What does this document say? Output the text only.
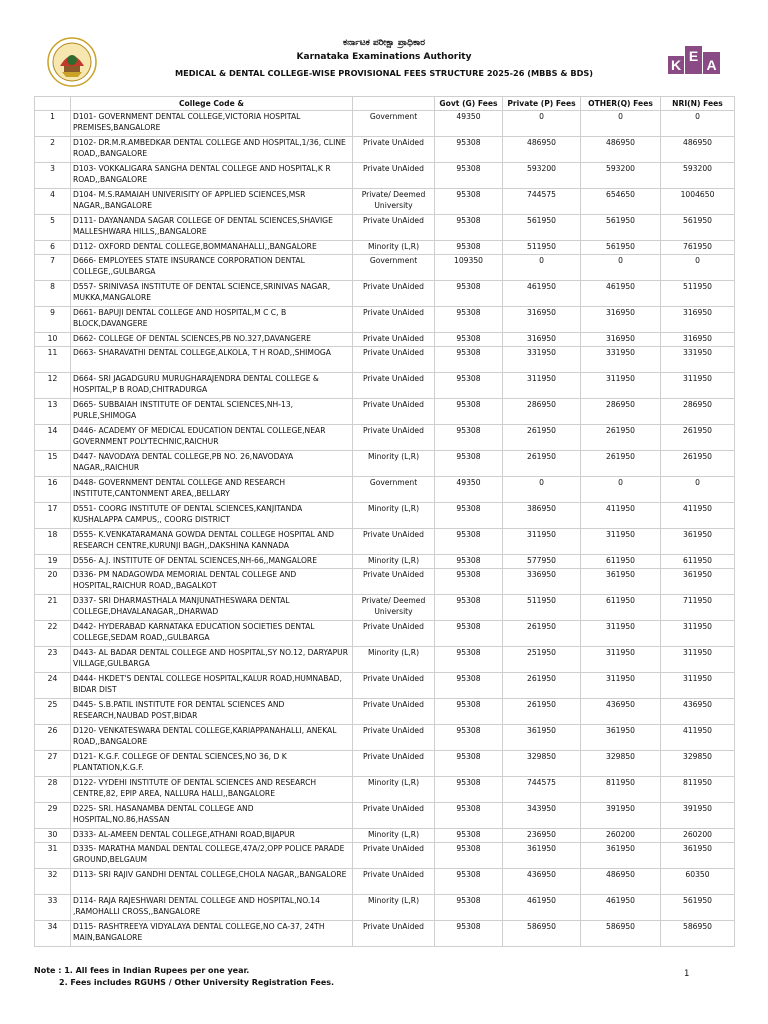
ಕರ್ನಾಟಕ ಪರೀಕ್ಷಾ ಪ್ರಾಧಿಕಾರ
Karnataka Examinations Authority
MEDICAL & DENTAL COLLEGE-WISE PROVISIONAL FEES STRUCTURE 2025-26 (MBBS & BDS)	K
E
A
	College Code &		Govt (G) Fees	Private (P) Fees	OTHER(Q) Fees	NRI(N) Fees
1	D101- GOVERNMENT DENTAL COLLEGE,VICTORIA HOSPITAL PREMISES,BANGALORE	Government	49350	0	0	0
2	D102- DR.M.R.AMBEDKAR DENTAL COLLEGE AND HOSPITAL,1/36, CLINE ROAD,,BANGALORE	Private UnAided	95308	486950	486950	486950
3	D103- VOKKALIGARA SANGHA DENTAL COLLEGE AND HOSPITAL,K R ROAD,,BANGALORE	Private UnAided	95308	593200	593200	593200
4	D104- M.S.RAMAIAH UNIVERISITY OF APPLIED SCIENCES,MSR NAGAR,,BANGALORE	Private/ Deemed University	95308	744575	654650	1004650
5	D111- DAYANANDA SAGAR COLLEGE OF DENTAL SCIENCES,SHAVIGE MALLESHWARA HILLS,,BANGALORE	Private UnAided	95308	561950	561950	561950
6	D112- OXFORD DENTAL COLLEGE,BOMMANAHALLI,,BANGALORE	Minority (L,R)	95308	511950	561950	761950
7	D666- EMPLOYEES STATE INSURANCE CORPORATION DENTAL COLLEGE,,GULBARGA	Government	109350	0	0	0
8	D557- SRINIVASA INSTITUTE OF DENTAL SCIENCE,SRINIVAS NAGAR, MUKKA,MANGALORE	Private UnAided	95308	461950	461950	511950
9	D661- BAPUJI DENTAL COLLEGE AND HOSPITAL,M C C, B BLOCK,DAVANGERE	Private UnAided	95308	316950	316950	316950
10	D662- COLLEGE OF DENTAL SCIENCES,PB NO.327,DAVANGERE	Private UnAided	95308	316950	316950	316950
11	D663- SHARAVATHI DENTAL COLLEGE,ALKOLA, T H ROAD,,SHIMOGA	Private UnAided	95308	331950	331950	331950
12	D664- SRI JAGADGURU MURUGHARAJENDRA DENTAL COLLEGE & HOSPITAL,P B ROAD,CHITRADURGA	Private UnAided	95308	311950	311950	311950
13	D665- SUBBAIAH INSTITUTE OF DENTAL SCIENCES,NH-13, PURLE,SHIMOGA	Private UnAided	95308	286950	286950	286950
14	D446- ACADEMY OF MEDICAL EDUCATION DENTAL COLLEGE,NEAR GOVERNMENT POLYTECHNIC,RAICHUR	Private UnAided	95308	261950	261950	261950
15	D447- NAVODAYA DENTAL COLLEGE,PB NO. 26,NAVODAYA NAGAR,,RAICHUR	Minority (L,R)	95308	261950	261950	261950
16	D448- GOVERNMENT DENTAL COLLEGE AND RESEARCH INSTITUTE,CANTONMENT AREA,,BELLARY	Government	49350	0	0	0
17	D551- COORG INSTITUTE OF DENTAL SCIENCES,KANJITANDA KUSHALAPPA CAMPUS,, COORG DISTRICT	Minority (L,R)	95308	386950	411950	411950
18	D555- K.VENKATARAMANA GOWDA DENTAL COLLEGE HOSPITAL AND RESEARCH CENTRE,KURUNJI BAGH,,DAKSHINA KANNADA	Private UnAided	95308	311950	311950	361950
19	D556- A.J. INSTITUTE OF DENTAL SCIENCES,NH-66,,MANGALORE	Minority (L,R)	95308	577950	611950	611950
20	D336- PM NADAGOWDA MEMORIAL DENTAL COLLEGE AND HOSPITAL,RAICHUR ROAD,,BAGALKOT	Private UnAided	95308	336950	361950	361950
21	D337- SRI DHARMASTHALA MANJUNATHESWARA DENTAL COLLEGE,DHAVALANAGAR,,DHARWAD	Private/ Deemed University	95308	511950	611950	711950
22	D442- HYDERABAD KARNATAKA EDUCATION SOCIETIES DENTAL COLLEGE,SEDAM ROAD,,GULBARGA	Private UnAided	95308	261950	311950	311950
23	D443- AL BADAR DENTAL COLLEGE AND HOSPITAL,SY NO.12, DARYAPUR VILLAGE,GULBARGA	Minority (L,R)	95308	251950	311950	311950
24	D444- HKDET'S DENTAL COLLEGE HOSPITAL,KALUR ROAD,HUMNABAD, BIDAR DIST	Private UnAided	95308	261950	311950	311950
25	D445- S.B.PATIL INSTITUTE FOR DENTAL SCIENCES AND RESEARCH,NAUBAD POST,BIDAR	Private UnAided	95308	261950	436950	436950
26	D120- VENKATESWARA DENTAL COLLEGE,KARIAPPANAHALLI, ANEKAL ROAD,,BANGALORE	Private UnAided	95308	361950	361950	411950
27	D121- K.G.F. COLLEGE OF DENTAL SCIENCES,NO 36, D K PLANTATION,K.G.F.	Private UnAided	95308	329850	329850	329850
28	D122- VYDEHI INSTITUTE OF DENTAL SCIENCES AND RESEARCH CENTRE,82, EPIP AREA, NALLURA HALLI,,BANGALORE	Minority (L,R)	95308	744575	811950	811950
29	D225- SRI. HASANAMBA DENTAL COLLEGE AND HOSPITAL,NO.86,HASSAN	Private UnAided	95308	343950	391950	391950
30	D333- AL-AMEEN DENTAL COLLEGE,ATHANI ROAD,BIJAPUR	Minority (L,R)	95308	236950	260200	260200
31	D335- MARATHA MANDAL DENTAL COLLEGE,47A/2,OPP POLICE PARADE GROUND,BELGAUM	Private UnAided	95308	361950	361950	361950
32	D113- SRI RAJIV GANDHI DENTAL COLLEGE,CHOLA NAGAR,,BANGALORE	Private UnAided	95308	436950	486950	60350
33	D114- RAJA RAJESHWARI DENTAL COLLEGE AND HOSPITAL,NO.14 ,RAMOHALLI CROSS,,BANGALORE	Minority (L,R)	95308	461950	461950	561950
34	D115- RASHTREEYA VIDYALAYA DENTAL COLLEGE,NO CA-37, 24TH MAIN,BANGALORE	Private UnAided	95308	586950	586950	586950
Note : 1. All fees in Indian Rupees per one year.
2. Fees includes RGUHS / Other University Registration Fees.
1
